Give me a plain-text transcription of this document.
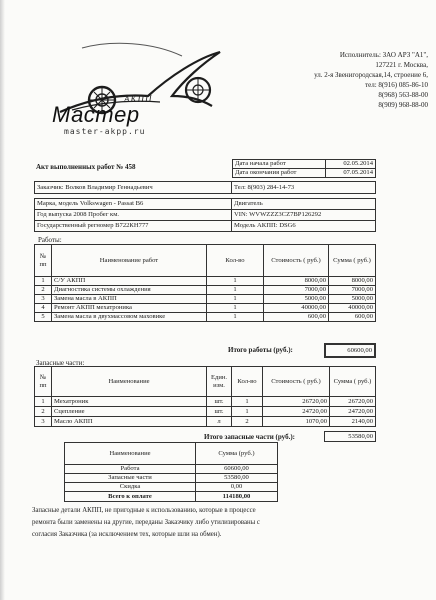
АКПП
Мастер
master-akpp.ru
Исполнитель: ЗАО АРЗ "А1",
127221 г. Москва,
ул. 2-я Звенигородская,14, строение 6,
тел: 8(916) 085-86-10
8(968) 563-88-00
8(909) 968-88-00
Акт выполненных работ № 458	Дата начала работ	02.05.2014
Дата окончания работ	07.05.2014
Заказчик: Волков Владимир Геннадьевич	Тел: 8(903) 284-14-73
Марка, модель Volkswagen - Passat B6	Двигатель
Год выпуска 2008 Пробег км.	VIN: WVWZZZ3CZ7BP126292
Государственный регномер В722КН777	Модель АКПП: DSG6
Работы:
№ пп	Наименование работ	Кол-во	Стоимость ( руб.)	Сумма ( руб.)
1	С/У АКПП	1	8000,00	8000,00
2	Диагностика системы охлаждения	1	7000,00	7000,00
3	Замена масла в АКПП	1	5000,00	5000,00
4	Ремонт АКПП мехатроника	1	40000,00	40000,00
5	Замена масла в двухмассовом маховике	1	600,00	600,00
Итого работы (руб.):	60600,00
Запасные части:
№ пп	Наименование	Един. изм.	Кол-во	Стоимость ( руб.)	Сумма ( руб.)
1	Мехатроник	шт.	1	26720,00	26720,00
2	Сцепление	шт.	1	24720,00	24720,00
3	Масло АКПП	л	2	1070,00	2140,00
Итого запасные части (руб.):	53580,00
Наименование	Сумма (руб.)
Работа	60600,00
Запасные части	53580,00
Скидка	0,00
Всего к оплате	114180,00
Запасные детали АКПП, не пригодные к использованию, которые в процессе
ремонта были заменены на другие, переданы Заказчику либо утилизированы с
согласия Заказчика (за исключением тех, которые шли на обмен).
